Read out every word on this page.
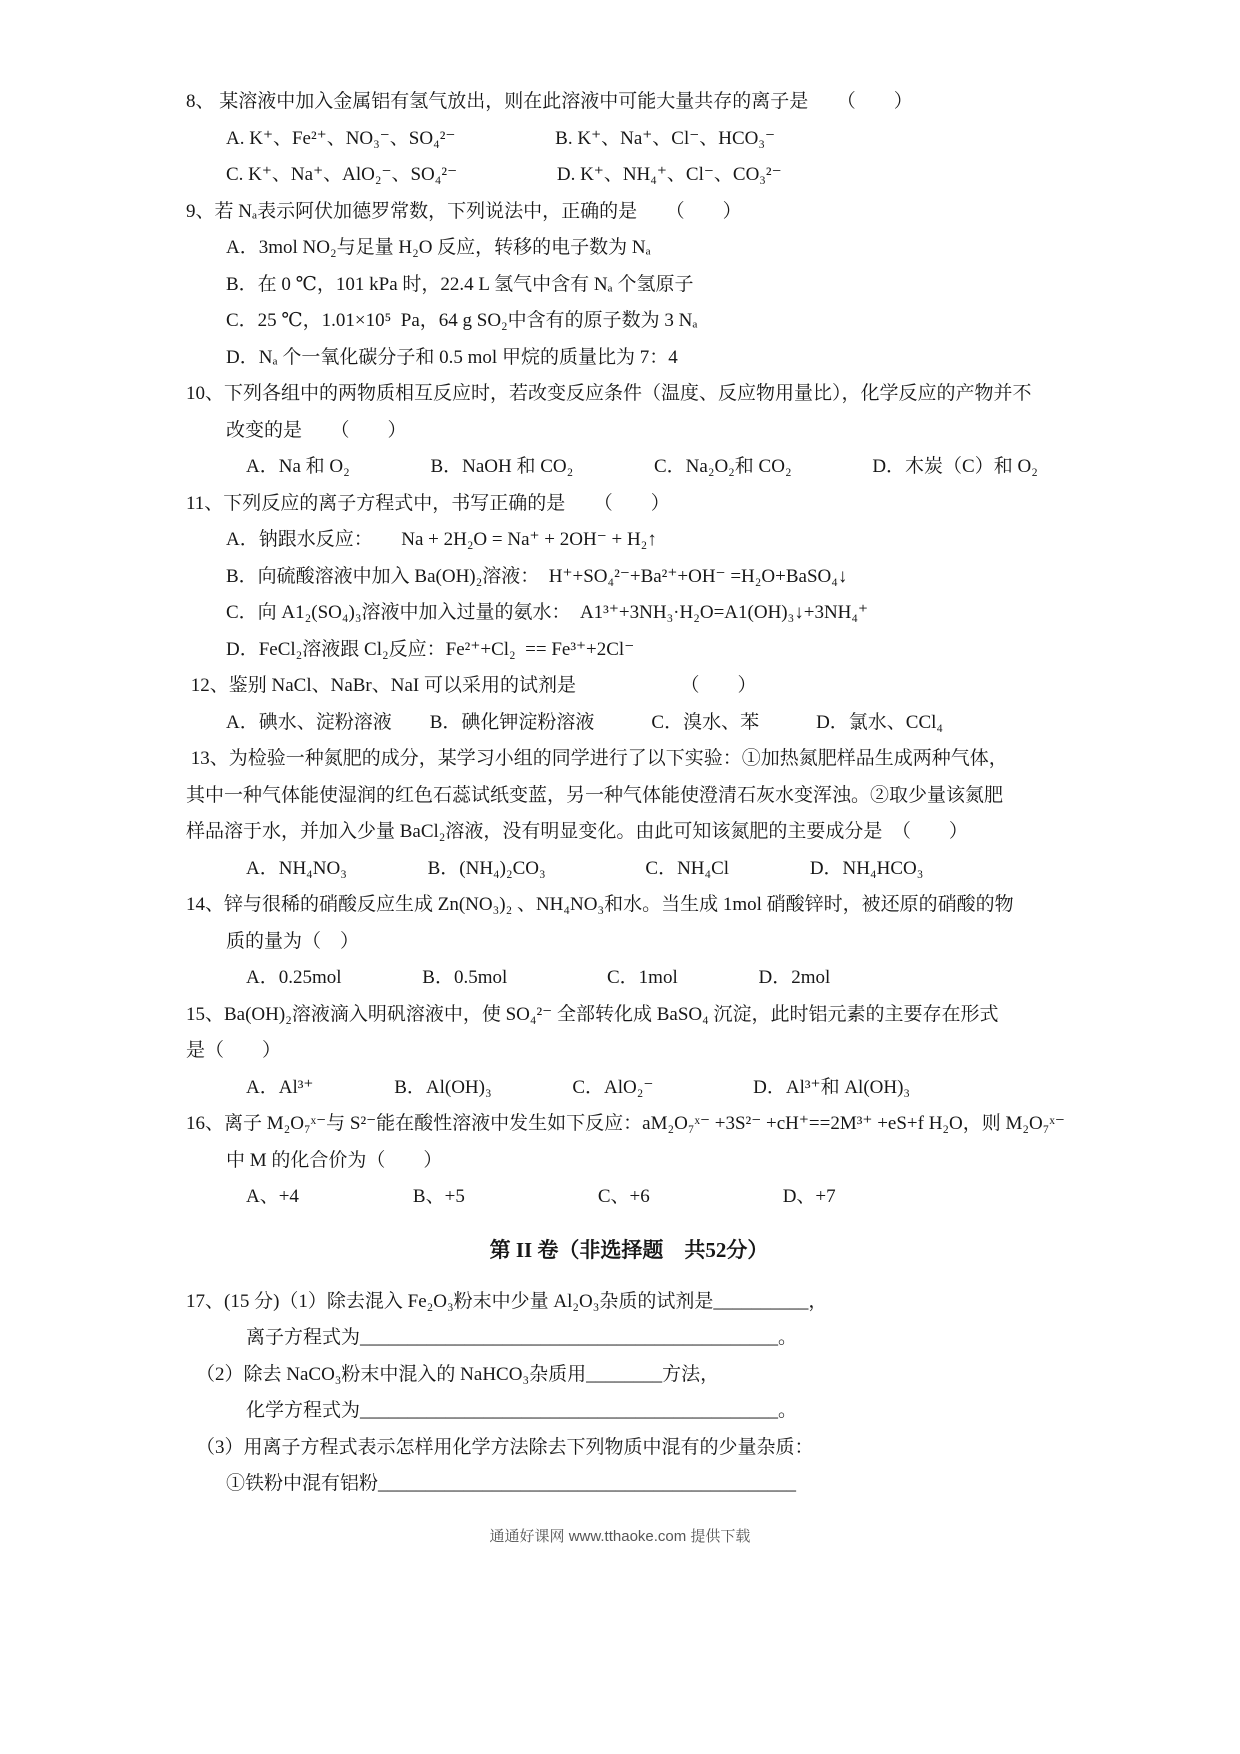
8、 某溶液中加入金属铝有氢气放出，则在此溶液中可能大量共存的离子是　　（　　）
A. K⁺、Fe²⁺、NO₃⁻、SO₄²⁻　　　　　 B. K⁺、Na⁺、Cl⁻、HCO₃⁻
C. K⁺、Na⁺、AlO₂⁻、SO₄²⁻　　　　　 D. K⁺、NH₄⁺、Cl⁻、CO₃²⁻
9、若 Nₐ表示阿伏加德罗常数，下列说法中，正确的是　　（　　）
A．3mol NO₂与足量 H₂O 反应，转移的电子数为 Nₐ
B．在 0 ℃，101 kPa 时，22.4 L 氢气中含有 Nₐ 个氢原子
C．25 ℃，1.01×10⁵  Pa，64 g SO₂中含有的原子数为 3 Nₐ
D．Nₐ 个一氧化碳分子和 0.5 mol 甲烷的质量比为 7：4
10、下列各组中的两物质相互反应时，若改变反应条件（温度、反应物用量比），化学反应的产物并不
改变的是　　（　　）
A．Na 和 O₂　　　　 B．NaOH 和 CO₂　　　　 C．Na₂O₂和 CO₂　　　　 D．木炭（C）和 O₂
11、下列反应的离子方程式中，书写正确的是　　（　　）
A．钠跟水反应：　　Na + 2H₂O = Na⁺ + 2OH⁻ + H₂↑
B．向硫酸溶液中加入 Ba(OH)₂溶液：　H⁺+SO₄²⁻+Ba²⁺+OH⁻ =H₂O+BaSO₄↓
C．向 A1₂(SO₄)₃溶液中加入过量的氨水：　A1³⁺+3NH₃·H₂O=A1(OH)₃↓+3NH₄⁺
D．FeCl₂溶液跟 Cl₂反应：Fe²⁺+Cl₂  == Fe³⁺+2Cl⁻
12、鉴别 NaCl、NaBr、NaI 可以采用的试剂是　　　　　　（　　）
A．碘水、淀粉溶液　　B．碘化钾淀粉溶液　　　C．溴水、苯　　　D．氯水、CCl₄
13、为检验一种氮肥的成分，某学习小组的同学进行了以下实验：①加热氮肥样品生成两种气体，
其中一种气体能使湿润的红色石蕊试纸变蓝，另一种气体能使澄清石灰水变浑浊。②取少量该氮肥
样品溶于水，并加入少量 BaCl₂溶液，没有明显变化。由此可知该氮肥的主要成分是　（　　）
A．NH₄NO₃　　　　 B．(NH₄)₂CO₃　　　　　 C．NH₄Cl　　　　 D．NH₄HCO₃
14、锌与很稀的硝酸反应生成 Zn(NO₃)₂ 、NH₄NO₃和水。当生成 1mol 硝酸锌时，被还原的硝酸的物
质的量为（　）
A．0.25mol　　　　 B．0.5mol　　　　　 C．1mol　　　　 D．2mol
15、Ba(OH)₂溶液滴入明矾溶液中，使 SO₄²⁻ 全部转化成 BaSO₄ 沉淀，此时铝元素的主要存在形式
是（　　）
A．Al³⁺　　　　 B．Al(OH)₃　　　　 C．AlO₂⁻　　　　　 D．Al³⁺和 Al(OH)₃
16、离子 M₂O₇ˣ⁻与 S²⁻能在酸性溶液中发生如下反应：aM₂O₇ˣ⁻ +3S²⁻ +cH⁺==2M³⁺ +eS+f H₂O，则 M₂O₇ˣ⁻
中 M 的化合价为（　　）
A、+4　　　　　　B、+5　　　　　　　C、+6　　　　　　　D、+7
第 II 卷（非选择题　共52分）
17、(15 分)（1）除去混入 Fe₂O₃粉末中少量 Al₂O₃杂质的试剂是__________，
离子方程式为____________________________________________。
（2）除去 NaCO₃粉末中混入的 NaHCO₃杂质用________方法，
化学方程式为____________________________________________。
（3）用离子方程式表示怎样用化学方法除去下列物质中混有的少量杂质：
①铁粉中混有铝粉____________________________________________
通通好课网 www.tthaoke.com 提供下载
